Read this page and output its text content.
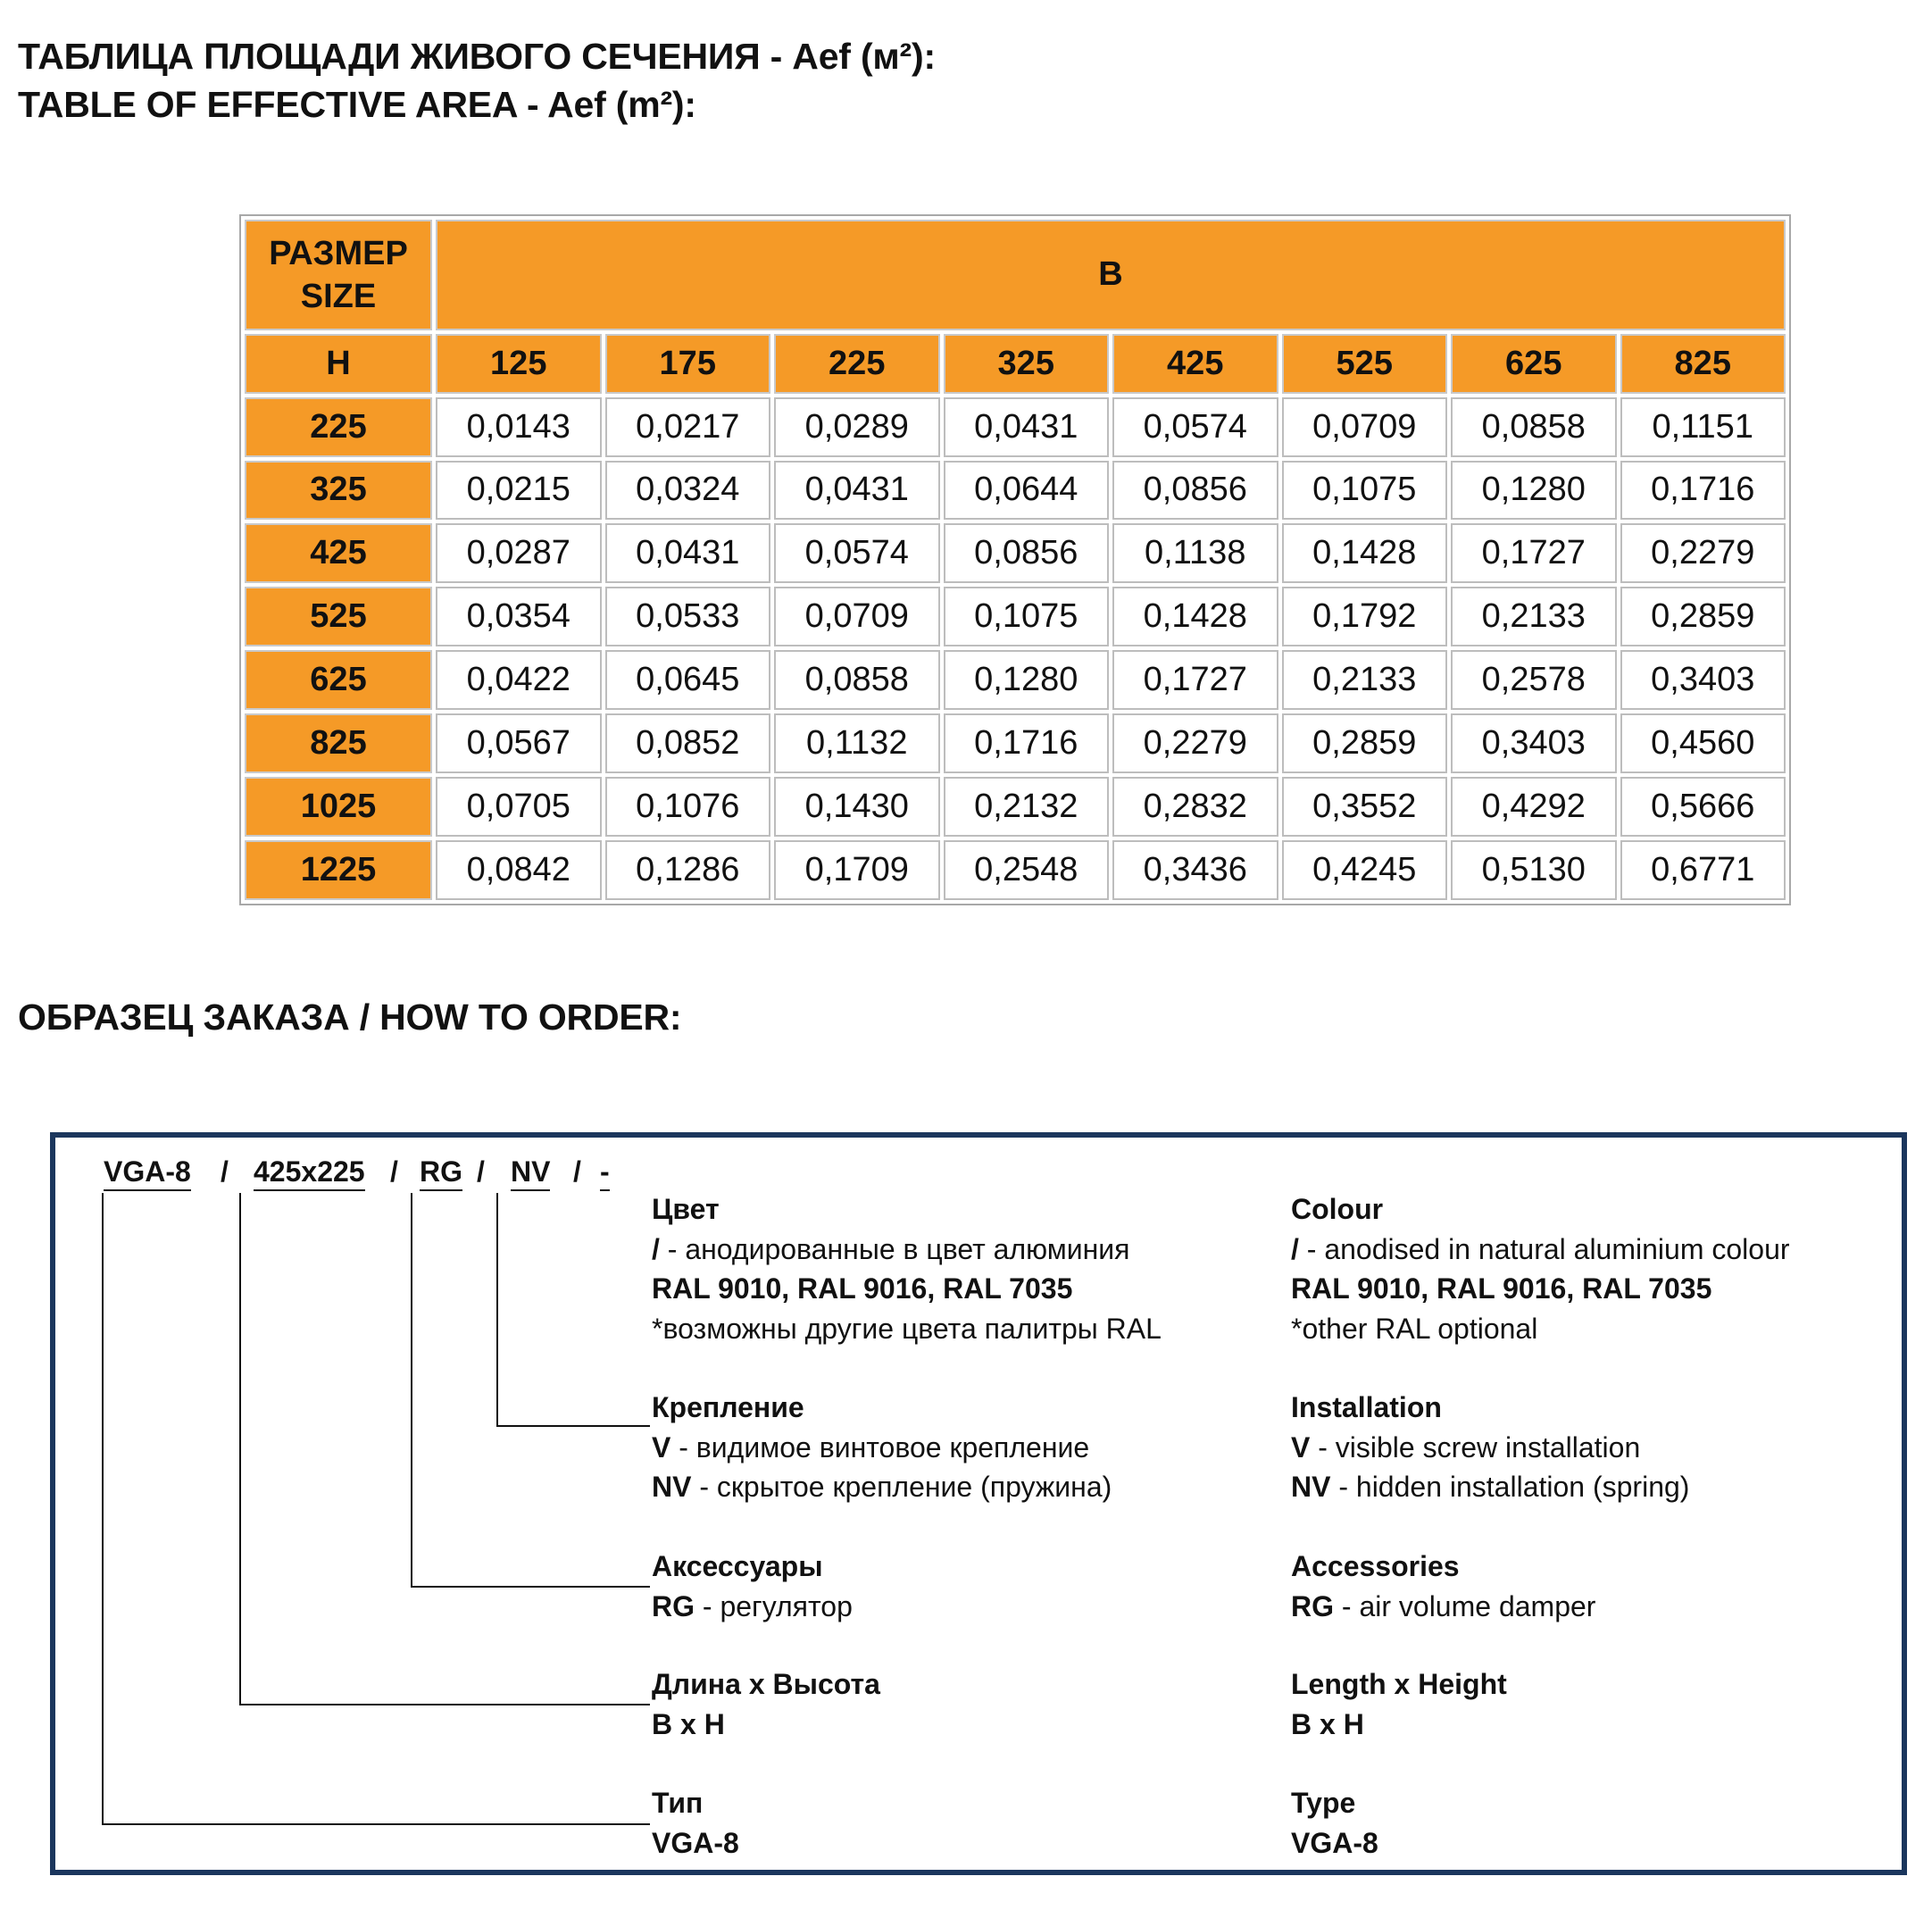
ТАБЛИЦА ПЛОЩАДИ ЖИВОГО СЕЧЕНИЯ - Aef (м²):
TABLE OF EFFECTIVE AREA - Aef (m²):
РАЗМЕР
SIZE	B							
H	125	175	225	325	425	525	625	825
225	0,0143	0,0217	0,0289	0,0431	0,0574	0,0709	0,0858	0,1151
325	0,0215	0,0324	0,0431	0,0644	0,0856	0,1075	0,1280	0,1716
425	0,0287	0,0431	0,0574	0,0856	0,1138	0,1428	0,1727	0,2279
525	0,0354	0,0533	0,0709	0,1075	0,1428	0,1792	0,2133	0,2859
625	0,0422	0,0645	0,0858	0,1280	0,1727	0,2133	0,2578	0,3403
825	0,0567	0,0852	0,1132	0,1716	0,2279	0,2859	0,3403	0,4560
1025	0,0705	0,1076	0,1430	0,2132	0,2832	0,3552	0,4292	0,5666
1225	0,0842	0,1286	0,1709	0,2548	0,3436	0,4245	0,5130	0,6771
ОБРАЗЕЦ ЗАКАЗА / HOW TO ORDER:
VGA-8 / 425x225 / RG / NV / -
Цвет
/ - анодированные в цвет алюминия
RAL 9010, RAL 9016, RAL 7035
*возможны другие цвета палитры RAL
Colour
/ - anodised in natural aluminium colour
RAL 9010, RAL 9016, RAL 7035
*other RAL optional
Крепление
V - видимое винтовое крепление
NV - скрытое крепление (пружина)
Installation
V - visible screw installation
NV - hidden installation (spring)
Аксессуары
RG - регулятор
Accessories
RG - air volume damper
Длина х Высота
B x H
Length x Height
B x H
Тип
VGA-8
Type
VGA-8
